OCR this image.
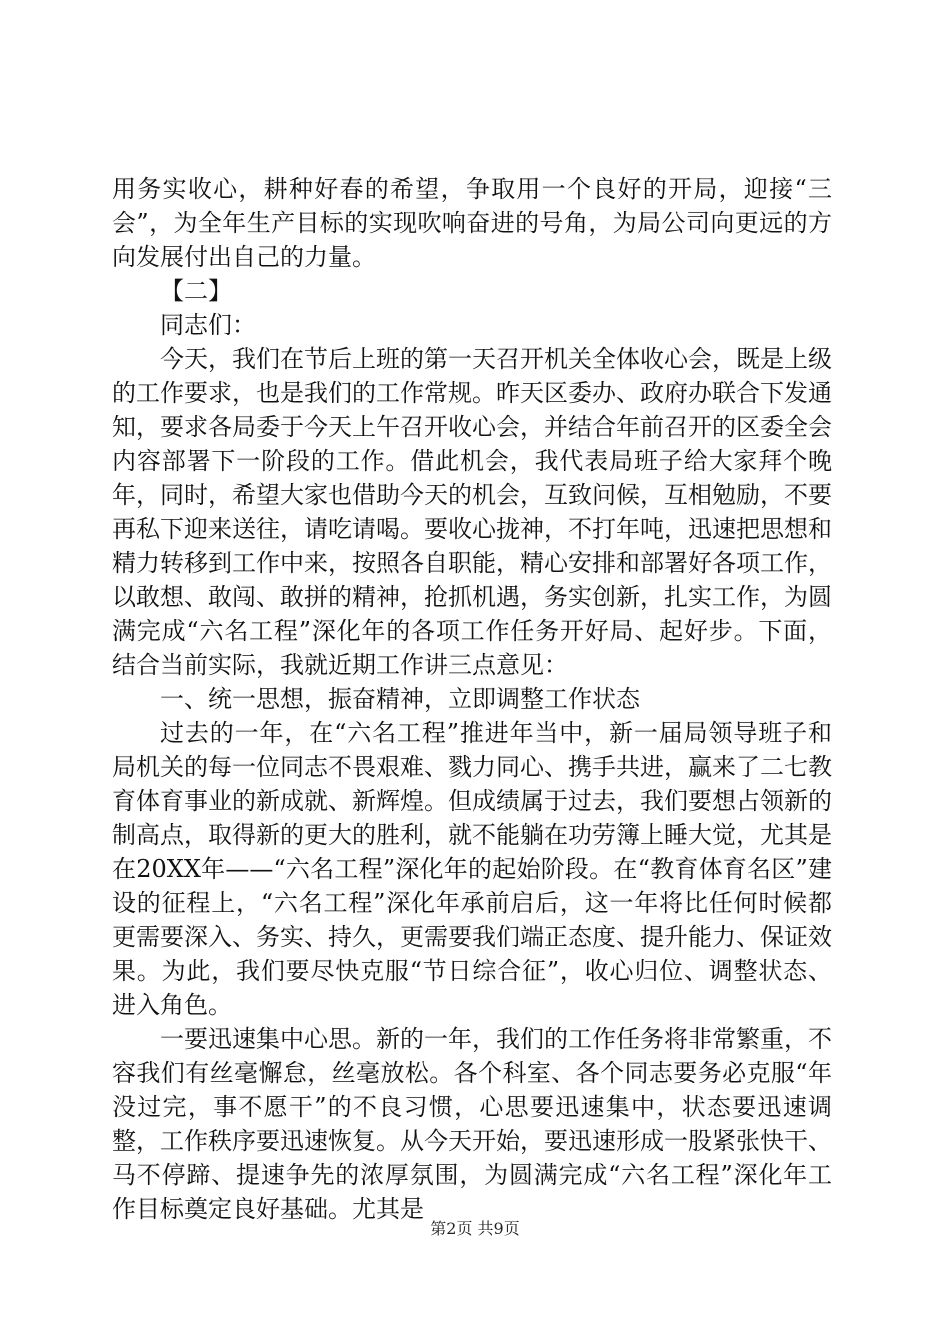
用务实收心，耕种好春的希望，争取用一个良好的开局，迎接“三会”，为全年生产目标的实现吹响奋进的号角，为局公司向更远的方向发展付出自己的力量。

【二】

同志们：

今天，我们在节后上班的第一天召开机关全体收心会，既是上级的工作要求，也是我们的工作常规。昨天区委办、政府办联合下发通知，要求各局委于今天上午召开收心会，并结合年前召开的区委全会内容部署下一阶段的工作。借此机会，我代表局班子给大家拜个晚年，同时，希望大家也借助今天的机会，互致问候，互相勉励，不要再私下迎来送往，请吃请喝。要收心拢神，不打年吨，迅速把思想和精力转移到工作中来，按照各自职能，精心安排和部署好各项工作，以敢想、敢闯、敢拼的精神，抢抓机遇，务实创新，扎实工作，为圆满完成“六名工程”深化年的各项工作任务开好局、起好步。下面，结合当前实际，我就近期工作讲三点意见：

一、统一思想，振奋精神，立即调整工作状态

过去的一年，在“六名工程”推进年当中，新一届局领导班子和局机关的每一位同志不畏艰难、戮力同心、携手共进，赢来了二七教育体育事业的新成就、新辉煌。但成绩属于过去，我们要想占领新的制高点，取得新的更大的胜利，就不能躺在功劳簿上睡大觉，尤其是在20XX年——“六名工程”深化年的起始阶段。在“教育体育名区”建设的征程上，“六名工程”深化年承前启后，这一年将比任何时候都更需要深入、务实、持久，更需要我们端正态度、提升能力、保证效果。为此，我们要尽快克服“节日综合征”，收心归位、调整状态、进入角色。

一要迅速集中心思。新的一年，我们的工作任务将非常繁重，不容我们有丝毫懈怠，丝毫放松。各个科室、各个同志要务必克服“年没过完，事不愿干”的不良习惯，心思要迅速集中，状态要迅速调整，工作秩序要迅速恢复。从今天开始，要迅速形成一股紧张快干、马不停蹄、提速争先的浓厚氛围，为圆满完成“六名工程”深化年工作目标奠定良好基础。尤其是

第2页 共9页
